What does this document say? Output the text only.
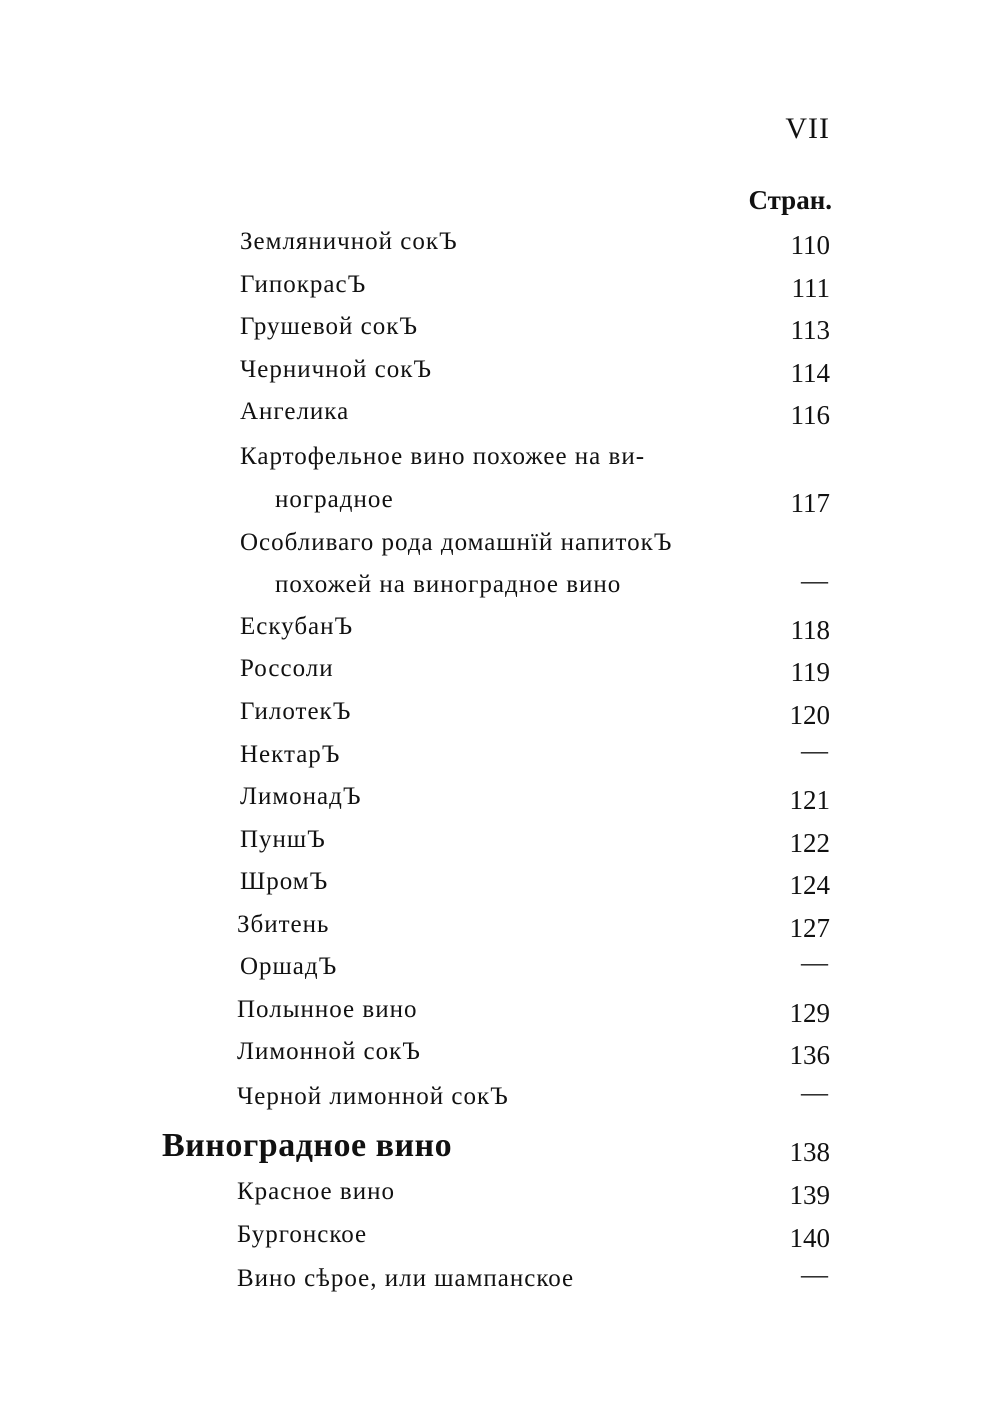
VII
Стран.
Земляничной сокЪ	110
ГипокрасЪ	111
Грушевой сокЪ	113
Черничной сокЪ	114
Ангелика	116
Картофельное вино похожее на ви-
ноградное	117
Особливаго рода домашнїй напитокЪ
похожей на виноградное вино	—
ЕскубанЪ	118
Россоли	119
ГилотекЪ	120
НектарЪ	—
ЛимонадЪ	121
ПуншЪ	122
ШромЪ	124
Збитень	127
ОршадЪ	—
Полынное вино	129
Лимонной сокЪ	136
Черной лимонной сокЪ	—
Виноградное вино	138
Красное вино	139
Бургонское	140
Вино сѣрое, или шампанское	—
